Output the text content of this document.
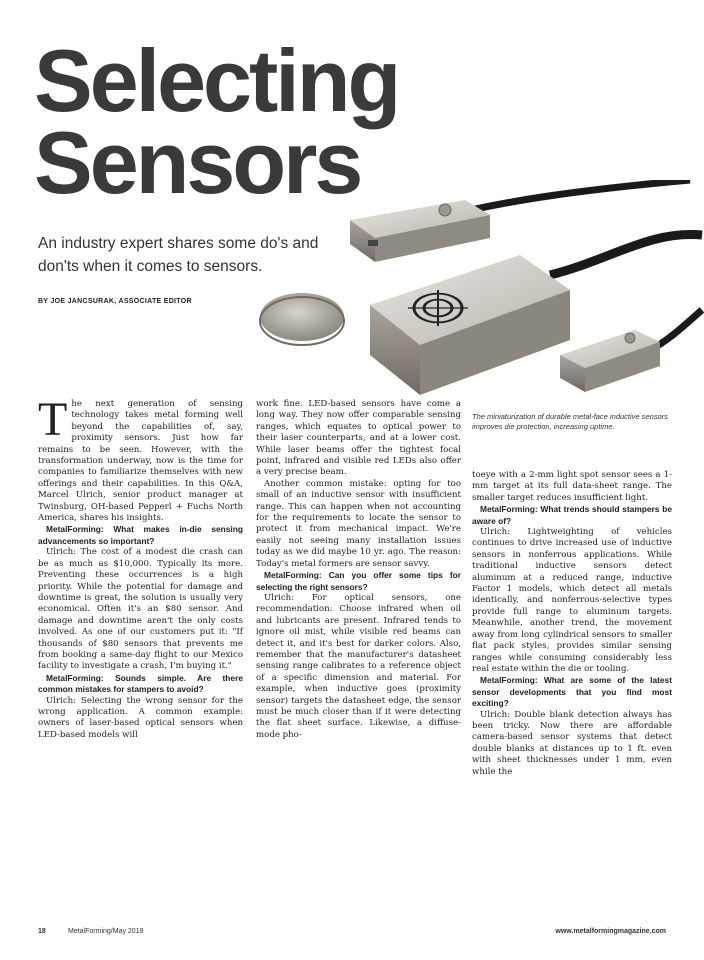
Selecting
Sensors
An industry expert shares some do's and don'ts when it comes to sensors.
BY JOE JANCSURAK, ASSOCIATE EDITOR
The miniaturization of durable metal-face inductive sensors improves die protection, increasing uptime.

The next generation of sensing technology takes metal forming well beyond the capabilities of, say, proximity sensors. Just how far remains to be seen. However, with the transformation underway, now is the time for companies to familiarize themselves with new offerings and their capabilities. In this Q&A, Marcel Ulrich, senior product manager at Twinsburg, OH-based Pepperl + Fuchs North America, shares his insights.

MetalForming: What makes in-die sensing advancements so important?

Ulrich: The cost of a modest die crash can be as much as $10,000. Typically its more. Preventing these occurrences is a high priority. While the potential for damage and downtime is great, the solution is usually very economical. Often it's an $80 sensor. And damage and downtime aren't the only costs involved. As one of our customers put it: "If thousands of $80 sensors that prevents me from booking a same-day flight to our Mexico facility to investigate a crash, I'm buying it."

MetalForming: Sounds simple. Are there common mistakes for stampers to avoid?

Ulrich: Selecting the wrong sensor for the wrong application. A common example: owners of laser-based optical sensors when LED-based models will

work fine. LED-based sensors have come a long way. They now offer comparable sensing ranges, which equates to optical power to their laser counterparts, and at a lower cost. While laser beams offer the tightest focal point, infrared and visible red LEDs also offer a very precise beam.

Another common mistake: opting for too small of an inductive sensor with insufficient range. This can happen when not accounting for the requirements to locate the sensor to protect it from mechanical impact. We're easily not seeing many installation issues today as we did maybe 10 yr. ago. The reason: Today's metal formers are sensor savvy.

MetalForming: Can you offer some tips for selecting the right sensors?

Ulrich: For optical sensors, one recommendation: Choose infrared when oil and lubricants are present. Infrared tends to ignore oil mist, while visible red beams can detect it, and it's best for darker colors. Also, remember that the manufacturer's datasheet sensing range calibrates to a reference object of a specific dimension and material. For example, when inductive goes (proximity sensor) targets the datasheet edge, the sensor must be much closer than if it were detecting the flat sheet surface. Likewise, a diffuse-mode pho-

toeye with a 2-mm light spot sensor sees a 1-mm target at its full data-sheet range. The smaller target reduces insufficient light.

MetalForming: What trends should stampers be aware of?

Ulrich: Lightweighting of vehicles continues to drive increased use of inductive sensors in nonferrous applications. While traditional inductive sensors detect aluminum at a reduced range, inductive Factor 1 models, which detect all metals identically, and nonferrous-selective types provide full range to aluminum targets. Meanwhile, another trend, the movement away from long cylindrical sensors to smaller flat pack styles, provides similar sensing ranges while consuming considerably less real estate within the die or tooling.

MetalForming: What are some of the latest sensor developments that you find most exciting?

Ulrich: Double blank detection always has been tricky. Now there are affordable camera-based sensor systems that detect double blanks at distances up to 1 ft. even with sheet thicknesses under 1 mm, even while the

18	MetalForming/May 2019	www.metalformingmagazine.com
